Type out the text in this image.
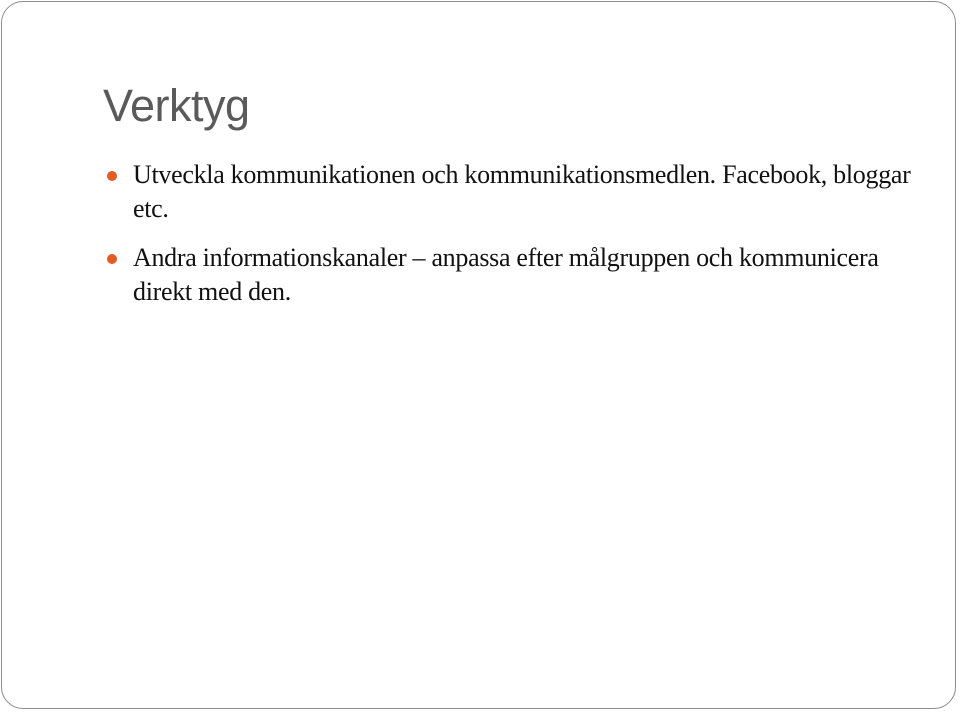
Verktyg
Utveckla kommunikationen och kommunikationsmedlen. Facebook, bloggar etc.
Andra informationskanaler – anpassa efter målgruppen och kommunicera direkt med den.
